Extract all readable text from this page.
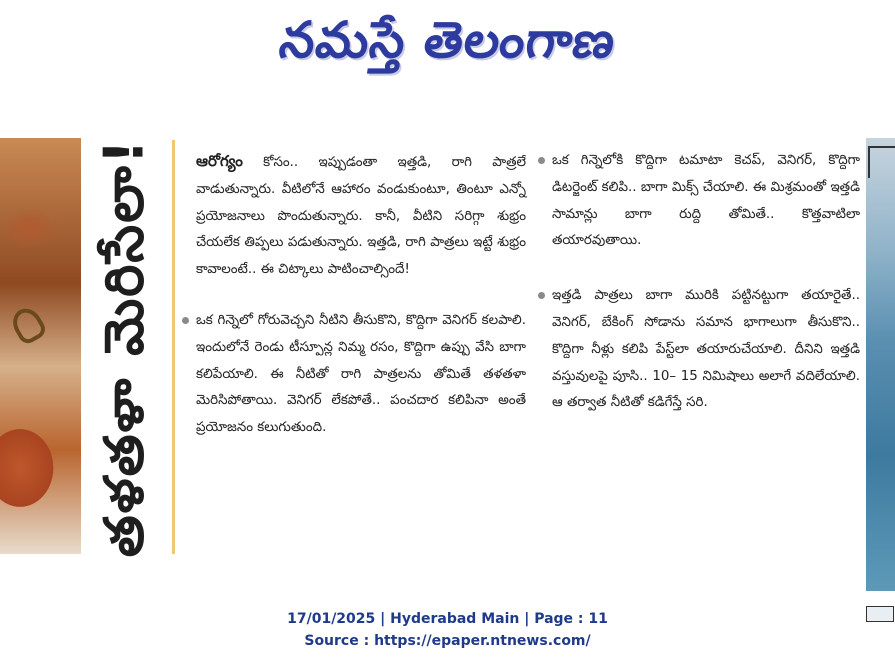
నమస్తే తెలంగాణ
తళతళా మెరిసేలా!	ఆరోగ్యం కోసం.. ఇప్పుడంతా ఇత్తడి, రాగి పాత్రలే వాడుతున్నారు. వీటిలోనే ఆహారం వండుకుంటూ, తింటూ ఎన్నో ప్రయోజనాలు పొందుతున్నారు. కానీ, వీటిని సరిగ్గా శుభ్రం చేయలేక తిప్పలు పడుతున్నారు. ఇత్తడి, రాగి పాత్రలు ఇట్టే శుభ్రం కావాలంటే.. ఈ చిట్కాలు పాటించాల్సిందే!

ఒక గిన్నెలో గోరువెచ్చని నీటిని తీసుకొని, కొద్దిగా వెనిగర్ కలపాలి. ఇందులోనే రెండు టీస్పూన్ల నిమ్మ రసం, కొద్దిగా ఉప్పు వేసి బాగా కలిపేయాలి. ఈ నీటితో రాగి పాత్రలను తోమితే తళతళా మెరిసిపోతాయి. వెనిగర్ లేకపోతే.. పంచదార కలిపినా అంతే ప్రయోజనం కలుగుతుంది.
ఒక గిన్నెలోకి కొద్దిగా టమాటా కెచప్, వెనిగర్, కొద్దిగా డిటర్జెంట్ కలిపి.. బాగా మిక్స్ చేయాలి. ఈ మిశ్రమంతో ఇత్తడి సామాన్లు బాగా రుద్ది తోమితే.. కొత్తవాటిలా తయారవుతాయి.
ఇత్తడి పాత్రలు బాగా మురికి పట్టినట్టుగా తయారైతే.. వెనిగర్, బేకింగ్ సోడాను సమాన భాగాలుగా తీసుకొని.. కొద్దిగా నీళ్లు కలిపి పేస్ట్‌లా తయారుచేయాలి. దీనిని ఇత్తడి వస్తువులపై పూసి.. 10– 15 నిమిషాలు అలాగే వదిలేయాలి. ఆ తర్వాత నీటితో కడిగేస్తే సరి.
17/01/2025 | Hyderabad Main | Page : 11
Source : https://epaper.ntnews.com/
